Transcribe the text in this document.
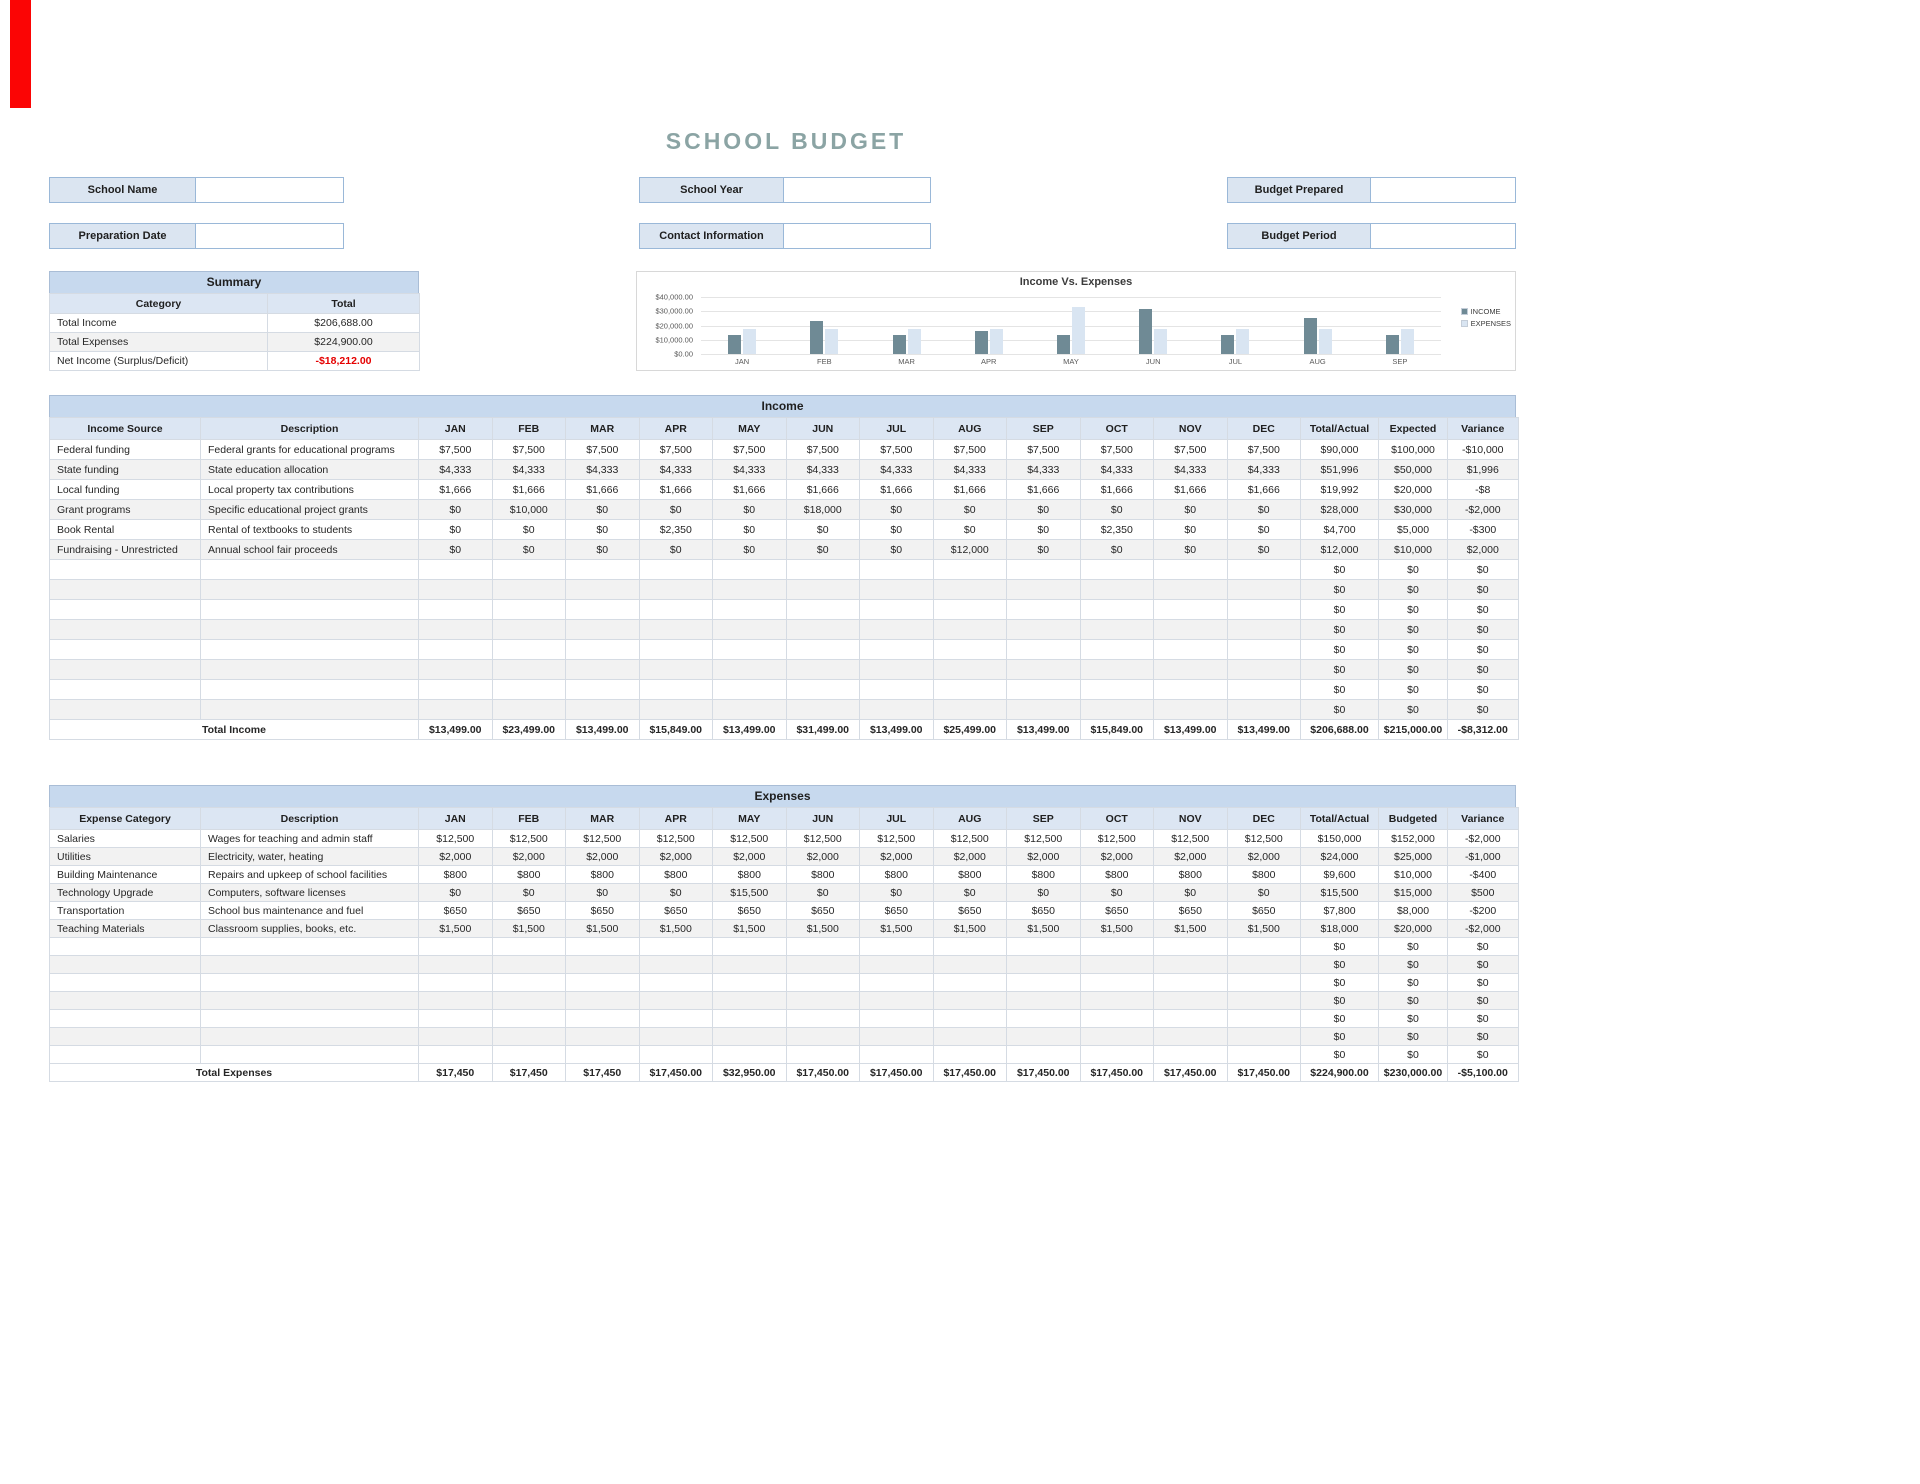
SCHOOL BUDGET
School Name
Preparation Date
School Year
Contact Information
Budget Prepared
Budget Period
Summary
Category	Total
Total Income	$206,688.00
Total Expenses	$224,900.00
Net Income (Surplus/Deficit)	-$18,212.00
Income Vs. Expenses
$40,000.00
$30,000.00
$20,000.00
$10,000.00
$0.00
JAN	FEB	MAR	APR	MAY	JUN	JUL	AUG	SEP
INCOME
EXPENSES
Income
Income Source	Description	JAN	FEB	MAR	APR	MAY	JUN	JUL	AUG	SEP	OCT	NOV	DEC	Total/Actual	Expected	Variance
Federal funding	Federal grants for educational programs	$7,500	$7,500	$7,500	$7,500	$7,500	$7,500	$7,500	$7,500	$7,500	$7,500	$7,500	$7,500	$90,000	$100,000	-$10,000
State funding	State education allocation	$4,333	$4,333	$4,333	$4,333	$4,333	$4,333	$4,333	$4,333	$4,333	$4,333	$4,333	$4,333	$51,996	$50,000	$1,996
Local funding	Local property tax contributions	$1,666	$1,666	$1,666	$1,666	$1,666	$1,666	$1,666	$1,666	$1,666	$1,666	$1,666	$1,666	$19,992	$20,000	-$8
Grant programs	Specific educational project grants	$0	$10,000	$0	$0	$0	$18,000	$0	$0	$0	$0	$0	$0	$28,000	$30,000	-$2,000
Book Rental	Rental of textbooks to students	$0	$0	$0	$2,350	$0	$0	$0	$0	$0	$2,350	$0	$0	$4,700	$5,000	-$300
Fundraising - Unrestricted	Annual school fair proceeds	$0	$0	$0	$0	$0	$0	$0	$12,000	$0	$0	$0	$0	$12,000	$10,000	$2,000
														$0	$0	$0
														$0	$0	$0
														$0	$0	$0
														$0	$0	$0
														$0	$0	$0
														$0	$0	$0
														$0	$0	$0
														$0	$0	$0
Total Income		$13,499.00	$23,499.00	$13,499.00	$15,849.00	$13,499.00	$31,499.00	$13,499.00	$25,499.00	$13,499.00	$15,849.00	$13,499.00	$13,499.00	$206,688.00	$215,000.00	-$8,312.00
Expenses
Expense Category	Description	JAN	FEB	MAR	APR	MAY	JUN	JUL	AUG	SEP	OCT	NOV	DEC	Total/Actual	Budgeted	Variance
Salaries	Wages for teaching and admin staff	$12,500	$12,500	$12,500	$12,500	$12,500	$12,500	$12,500	$12,500	$12,500	$12,500	$12,500	$12,500	$150,000	$152,000	-$2,000
Utilities	Electricity, water, heating	$2,000	$2,000	$2,000	$2,000	$2,000	$2,000	$2,000	$2,000	$2,000	$2,000	$2,000	$2,000	$24,000	$25,000	-$1,000
Building Maintenance	Repairs and upkeep of school facilities	$800	$800	$800	$800	$800	$800	$800	$800	$800	$800	$800	$800	$9,600	$10,000	-$400
Technology Upgrade	Computers, software licenses	$0	$0	$0	$0	$15,500	$0	$0	$0	$0	$0	$0	$0	$15,500	$15,000	$500
Transportation	School bus maintenance and fuel	$650	$650	$650	$650	$650	$650	$650	$650	$650	$650	$650	$650	$7,800	$8,000	-$200
Teaching Materials	Classroom supplies, books, etc.	$1,500	$1,500	$1,500	$1,500	$1,500	$1,500	$1,500	$1,500	$1,500	$1,500	$1,500	$1,500	$18,000	$20,000	-$2,000
														$0	$0	$0
														$0	$0	$0
														$0	$0	$0
														$0	$0	$0
														$0	$0	$0
														$0	$0	$0
														$0	$0	$0
Total Expenses		$17,450	$17,450	$17,450	$17,450.00	$32,950.00	$17,450.00	$17,450.00	$17,450.00	$17,450.00	$17,450.00	$17,450.00	$17,450.00	$224,900.00	$230,000.00	-$5,100.00
